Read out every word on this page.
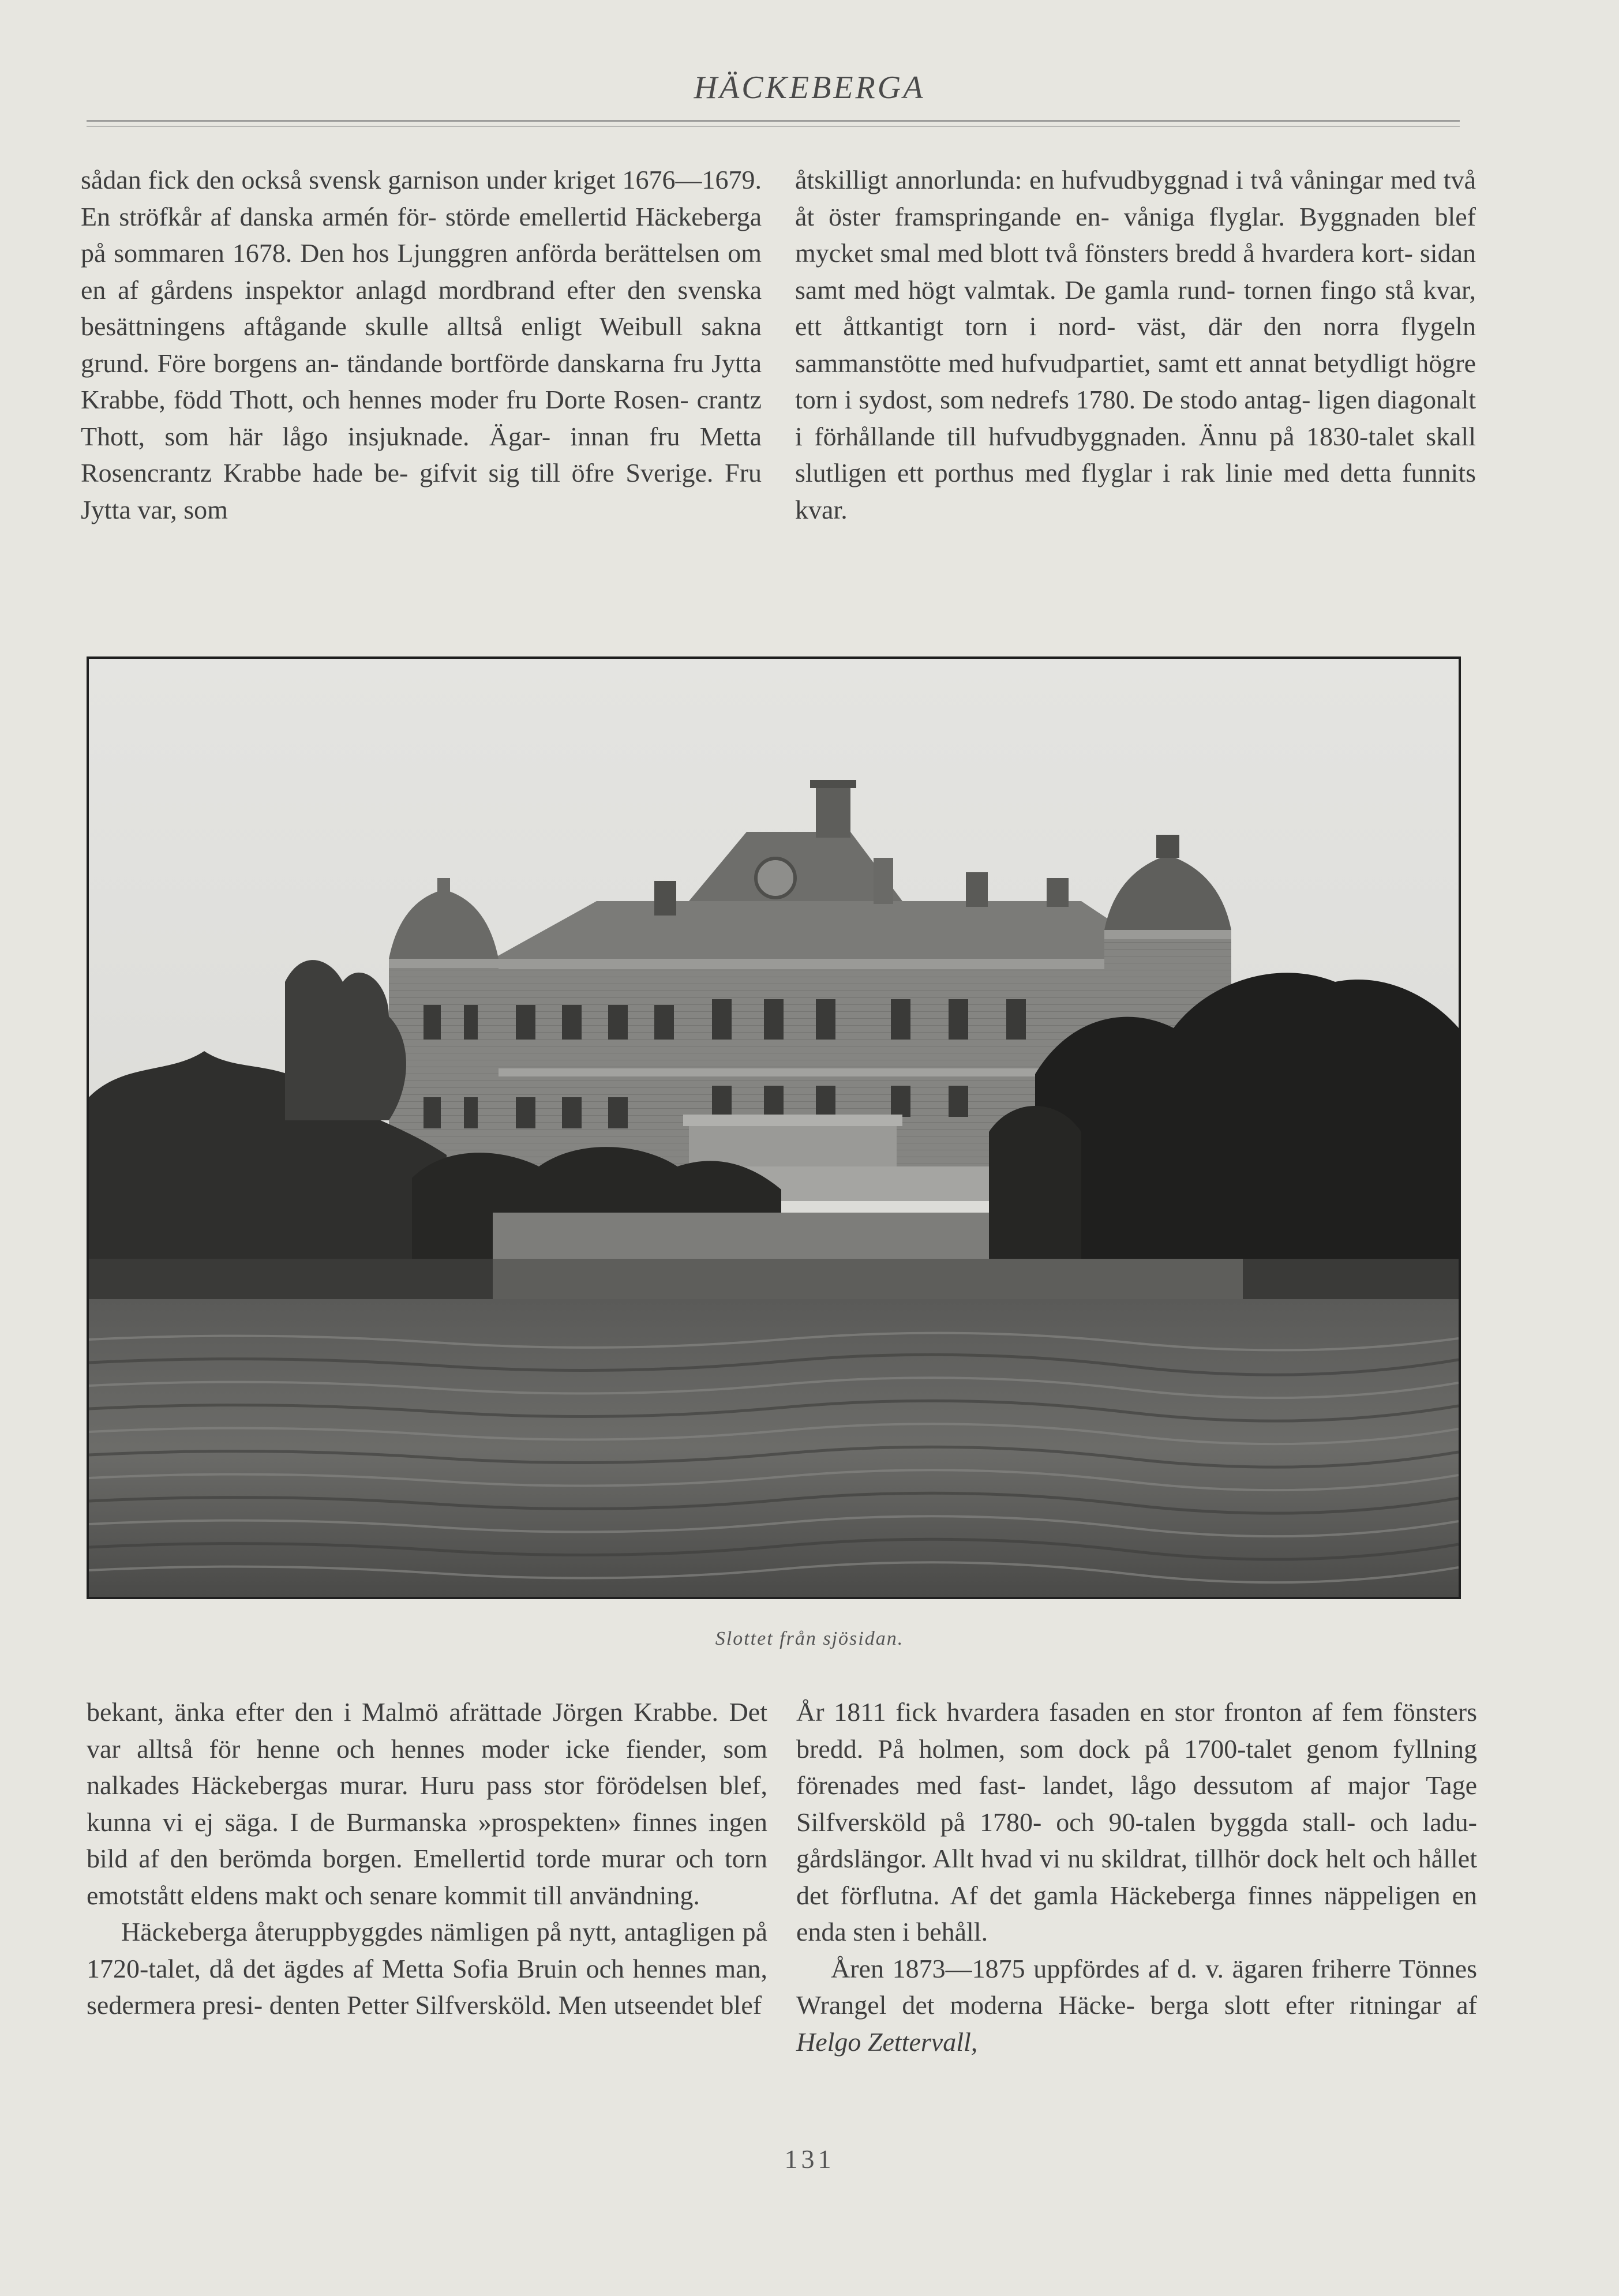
HÄCKEBERGA

sådan fick den också svensk garnison under kriget 1676—1679. En ströfkår af danska armén för- störde emellertid Häckeberga på sommaren 1678. Den hos Ljunggren anförda berättelsen om en af gårdens inspektor anlagd mordbrand efter den svenska besättningens aftågande skulle alltså enligt Weibull sakna grund. Före borgens an- tändande bortförde danskarna fru Jytta Krabbe, född Thott, och hennes moder fru Dorte Rosen- crantz Thott, som här lågo insjuknade. Ägar- innan fru Metta Rosencrantz Krabbe hade be- gifvit sig till öfre Sverige. Fru Jytta var, som

åtskilligt annorlunda: en hufvudbyggnad i två våningar med två åt öster framspringande en- våniga flyglar. Byggnaden blef mycket smal med blott två fönsters bredd å hvardera kort- sidan samt med högt valmtak. De gamla rund- tornen fingo stå kvar, ett åttkantigt torn i nord- väst, där den norra flygeln sammanstötte med hufvudpartiet, samt ett annat betydligt högre torn i sydost, som nedrefs 1780. De stodo antag- ligen diagonalt i förhållande till hufvudbyggnaden. Ännu på 1830-talet skall slutligen ett porthus med flyglar i rak linie med detta funnits kvar.

Slottet från sjösidan.

bekant, änka efter den i Malmö afrättade Jörgen Krabbe. Det var alltså för henne och hennes moder icke fiender, som nalkades Häckebergas murar. Huru pass stor förödelsen blef, kunna vi ej säga. I de Burmanska »prospekten» finnes ingen bild af den berömda borgen. Emellertid torde murar och torn emotstått eldens makt och senare kommit till användning.

Häckeberga återuppbyggdes nämligen på nytt, antagligen på 1720-talet, då det ägdes af Metta Sofia Bruin och hennes man, sedermera presi- denten Petter Silfversköld. Men utseendet blef

År 1811 fick hvardera fasaden en stor fronton af fem fönsters bredd. På holmen, som dock på 1700-talet genom fyllning förenades med fast- landet, lågo dessutom af major Tage Silfversköld på 1780- och 90-talen byggda stall- och ladu- gårdslängor. Allt hvad vi nu skildrat, tillhör dock helt och hållet det förflutna. Af det gamla Häckeberga finnes näppeligen en enda sten i behåll.

Åren 1873—1875 uppfördes af d. v. ägaren friherre Tönnes Wrangel det moderna Häcke- berga slott efter ritningar af Helgo Zettervall,

131
